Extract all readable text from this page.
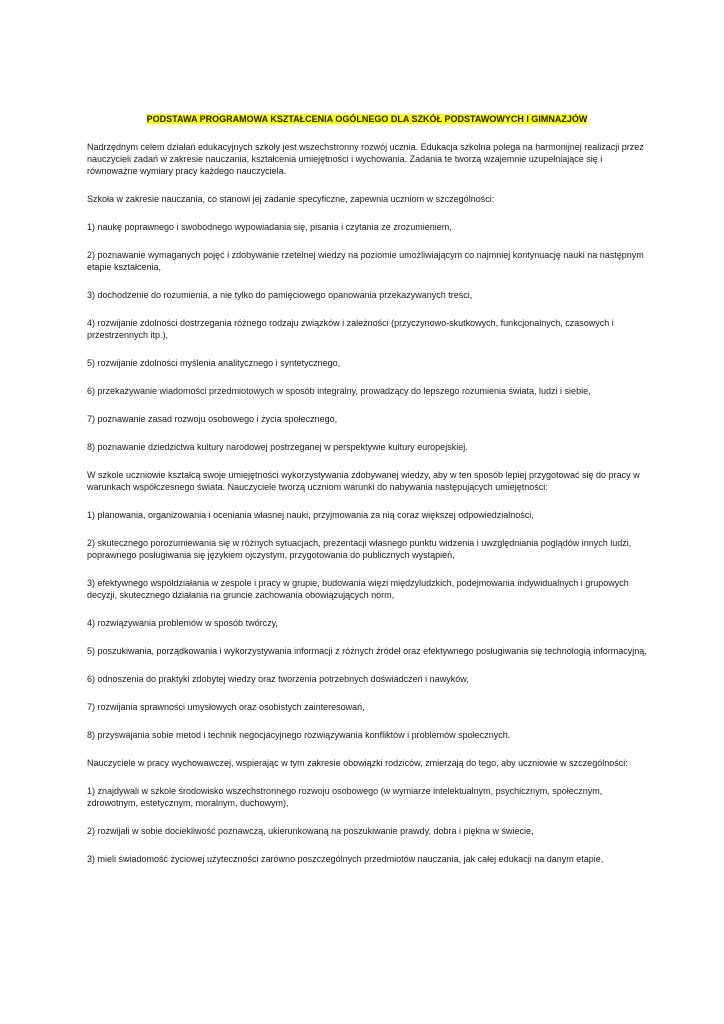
PODSTAWA PROGRAMOWA KSZTAŁCENIA OGÓLNEGO DLA SZKÓŁ PODSTAWOWYCH I GIMNAZJÓW

Nadrzędnym celem działań edukacyjnych szkoły jest wszechstronny rozwój ucznia. Edukacja szkolna polega na harmonijnej realizacji przez nauczycieli zadań w zakresie nauczania, kształcenia umiejętności i wychowania. Zadania te tworzą wzajemnie uzupełniające się i równoważne wymiary pracy każdego nauczyciela.

Szkoła w zakresie nauczania, co stanowi jej zadanie specyficzne, zapewnia uczniom w szczególności:

1) naukę poprawnego i swobodnego wypowiadania się, pisania i czytania ze zrozumieniem,

2) poznawanie wymaganych pojęć i zdobywanie rzetelnej wiedzy na poziomie umożliwiającym co najmniej kontynuację nauki na następnym etapie kształcenia,

3) dochodzenie do rozumienia, a nie tylko do pamięciowego opanowania przekazywanych treści,

4) rozwijanie zdolności dostrzegania różnego rodzaju związków i zależności (przyczynowo-skutkowych, funkcjonalnych, czasowych i przestrzennych itp.),

5) rozwijanie zdolności myślenia analitycznego i syntetycznego,

6) przekazywanie wiadomości przedmiotowych w sposób integralny, prowadzący do lepszego rozumienia świata, ludzi i siebie,

7) poznawanie zasad rozwoju osobowego i życia społecznego,

8) poznawanie dziedzictwa kultury narodowej postrzeganej w perspektywie kultury europejskiej.

W szkole uczniowie kształcą swoje umiejętności wykorzystywania zdobywanej wiedzy, aby w ten sposób lepiej przygotować się do pracy w warunkach współczesnego świata. Nauczyciele tworzą uczniom warunki do nabywania następujących umiejętności:

1) planowania, organizowania i oceniania własnej nauki, przyjmowania za nią coraz większej odpowiedzialności,

2) skutecznego porozumiewania się w różnych sytuacjach, prezentacji własnego punktu widzenia i uwzględniania poglądów innych ludzi, poprawnego posługiwania się językiem ojczystym, przygotowania do publicznych wystąpień,

3) efektywnego współdziałania w zespole i pracy w grupie, budowania więzi międzyludzkich, podejmowania indywidualnych i grupowych decyzji, skutecznego działania na gruncie zachowania obowiązujących norm,

4) rozwiązywania problemów w sposób twórczy,

5) poszukiwania, porządkowania i wykorzystywania informacji z różnych źródeł oraz efektywnego posługiwania się technologią informacyjną,

6) odnoszenia do praktyki zdobytej wiedzy oraz tworzenia potrzebnych doświadczeń i nawyków,

7) rozwijania sprawności umysłowych oraz osobistych zainteresowań,

8) przyswajania sobie metod i technik negocjacyjnego rozwiązywania konfliktów i problemów społecznych.

Nauczyciele w pracy wychowawczej, wspierając w tym zakresie obowiązki rodziców, zmierzają do tego, aby uczniowie w szczególności:

1) znajdywali w szkole środowisko wszechstronnego rozwoju osobowego (w wymiarze intelektualnym, psychicznym, społecznym, zdrowotnym, estetycznym, moralnym, duchowym),

2) rozwijali w sobie dociekliwość poznawczą, ukierunkowaną na poszukiwanie prawdy, dobra i piękna w świecie,

3) mieli świadomość życiowej użyteczności zarówno poszczególnych przedmiotów nauczania, jak całej edukacji na danym etapie,
